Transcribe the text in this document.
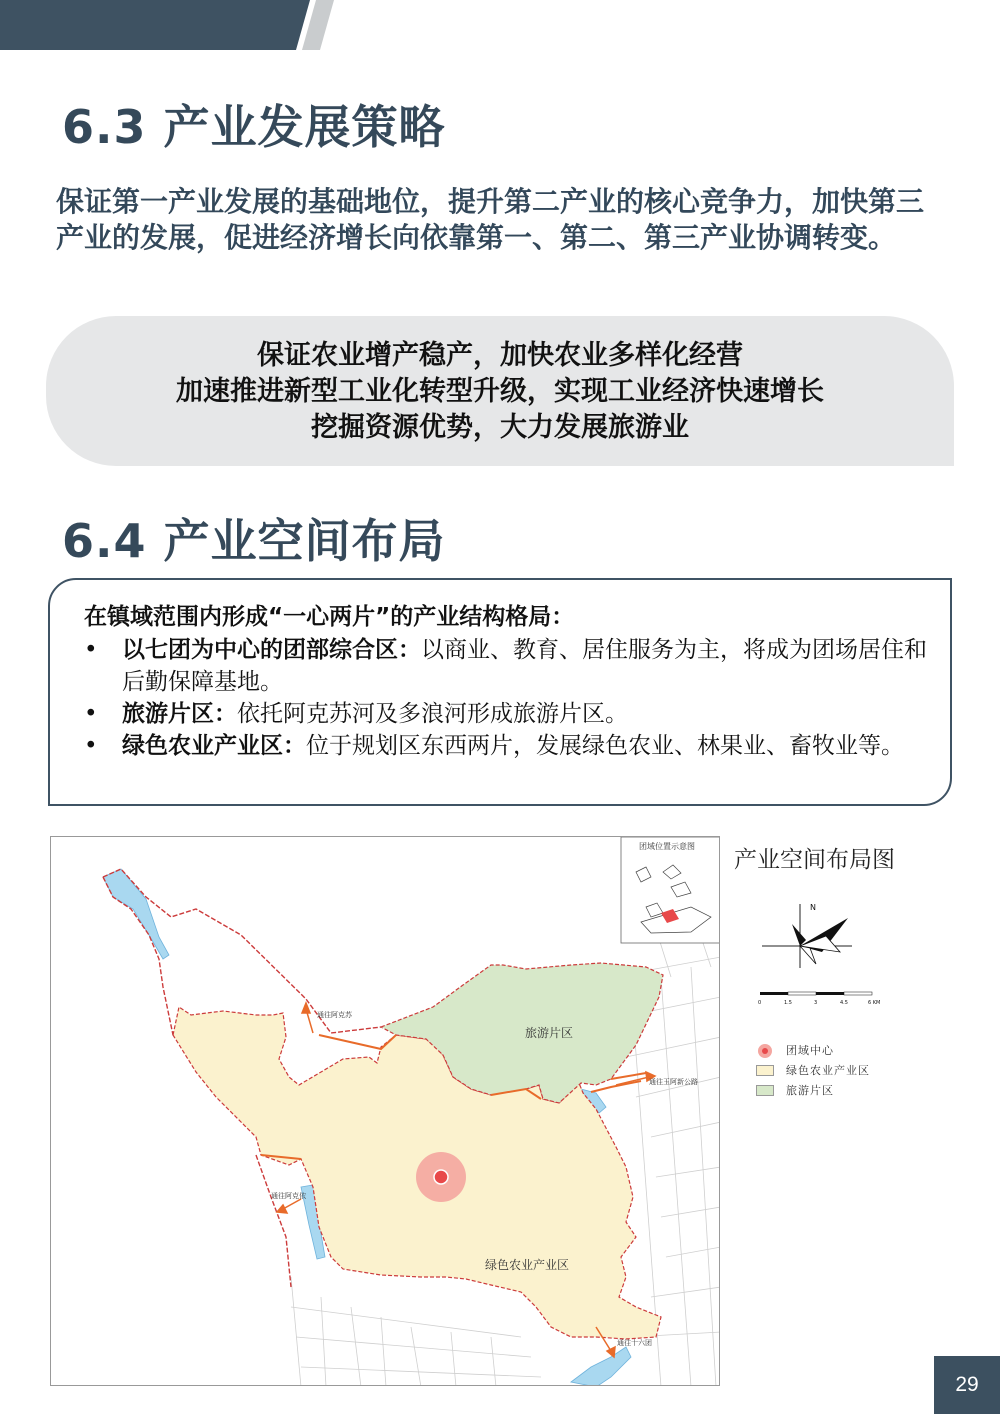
6.3 产业发展策略

保证第一产业发展的基础地位，提升第二产业的核心竞争力，加快第三产业的发展，促进经济增长向依靠第一、第二、第三产业协调转变。

保证农业增产稳产，加快农业多样化经营
加速推进新型工业化转型升级，实现工业经济快速增长
挖掘资源优势，大力发展旅游业
6.4 产业空间布局

在镇域范围内形成“一心两片”的产业结构格局：

• 以七团为中心的团部综合区：以商业、教育、居住服务为主，将成为团场居住和后勤保障基地。
• 旅游片区：依托阿克苏河及多浪河形成旅游片区。
• 绿色农业产业区：位于规划区东西两片，发展绿色农业、林果业、畜牧业等。
旅游片区
绿色农业产业区
通往阿克苏
通往玉阿新公路
通往阿克依
通往十六团
团域位置示意图

产业空间布局图

N
0	1.5	3	4.5	6 KM
团域中心
绿色农业产业区
旅游片区
29
